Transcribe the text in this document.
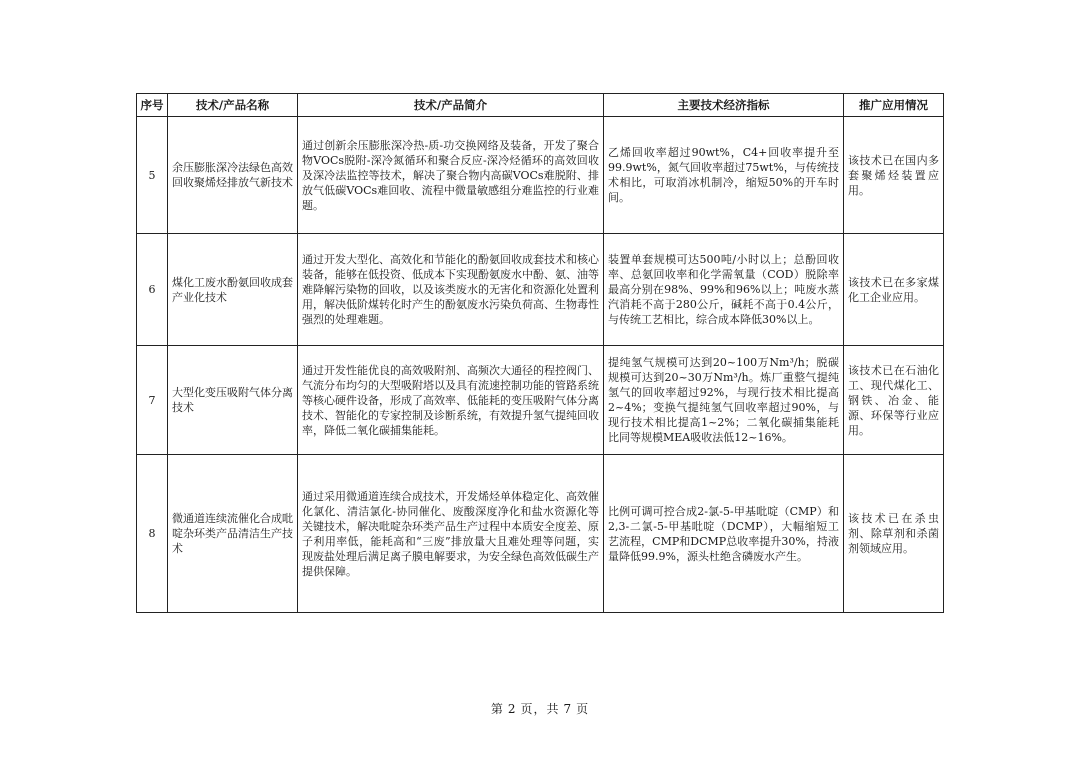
序号	技术/产品名称	技术/产品简介	主要技术经济指标	推广应用情况
5	余压膨胀深冷法绿色高效回收聚烯烃排放气新技术	通过创新余压膨胀深冷热-质-功交换网络及装备，开发了聚合物VOCs脱附-深冷氮循环和聚合反应-深冷烃循环的高效回收及深冷法监控等技术，解决了聚合物内高碳VOCs难脱附、排放气低碳VOCs难回收、流程中微量敏感组分难监控的行业难题。	乙烯回收率超过90wt%，C4+回收率提升至99.9wt%，氮气回收率超过75wt%，与传统技术相比，可取消冰机制冷，缩短50%的开车时间。	该技术已在国内多套聚烯烃装置应用。
6	煤化工废水酚氨回收成套产业化技术	通过开发大型化、高效化和节能化的酚氨回收成套技术和核心装备，能够在低投资、低成本下实现酚氨废水中酚、氨、油等难降解污染物的回收，以及该类废水的无害化和资源化处置利用，解决低阶煤转化时产生的酚氨废水污染负荷高、生物毒性强烈的处理难题。	装置单套规模可达500吨/小时以上；总酚回收率、总氨回收率和化学需氧量（COD）脱除率最高分别在98%、99%和96%以上；吨废水蒸汽消耗不高于280公斤，碱耗不高于0.4公斤，与传统工艺相比，综合成本降低30%以上。	该技术已在多家煤化工企业应用。
7	大型化变压吸附气体分离技术	通过开发性能优良的高效吸附剂、高频次大通径的程控阀门、气流分布均匀的大型吸附塔以及具有流速控制功能的管路系统等核心硬件设备，形成了高效率、低能耗的变压吸附气体分离技术、智能化的专家控制及诊断系统，有效提升氢气提纯回收率，降低二氧化碳捕集能耗。	提纯氢气规模可达到20~100万Nm³/h；脱碳规模可达到20~30万Nm³/h。炼厂重整气提纯氢气的回收率超过92%，与现行技术相比提高2~4%；变换气提纯氢气回收率超过90%，与现行技术相比提高1~2%；二氧化碳捕集能耗比同等规模MEA吸收法低12~16%。	该技术已在石油化工、现代煤化工、钢铁、冶金、能源、环保等行业应用。
8	微通道连续流催化合成吡啶杂环类产品清洁生产技术	通过采用微通道连续合成技术，开发烯烃单体稳定化、高效催化氯化、清洁氯化-协同催化、废酸深度净化和盐水资源化等关键技术，解决吡啶杂环类产品生产过程中本质安全度差、原子利用率低，能耗高和“三废”排放量大且难处理等问题，实现废盐处理后满足离子膜电解要求，为安全绿色高效低碳生产提供保障。	比例可调可控合成2-氯-5-甲基吡啶（CMP）和2,3-二氯-5-甲基吡啶（DCMP），大幅缩短工艺流程，CMP和DCMP总收率提升30%，持液量降低99.9%，源头杜绝含磷废水产生。	该技术已在杀虫剂、除草剂和杀菌剂领域应用。
第 2 页，共 7 页
